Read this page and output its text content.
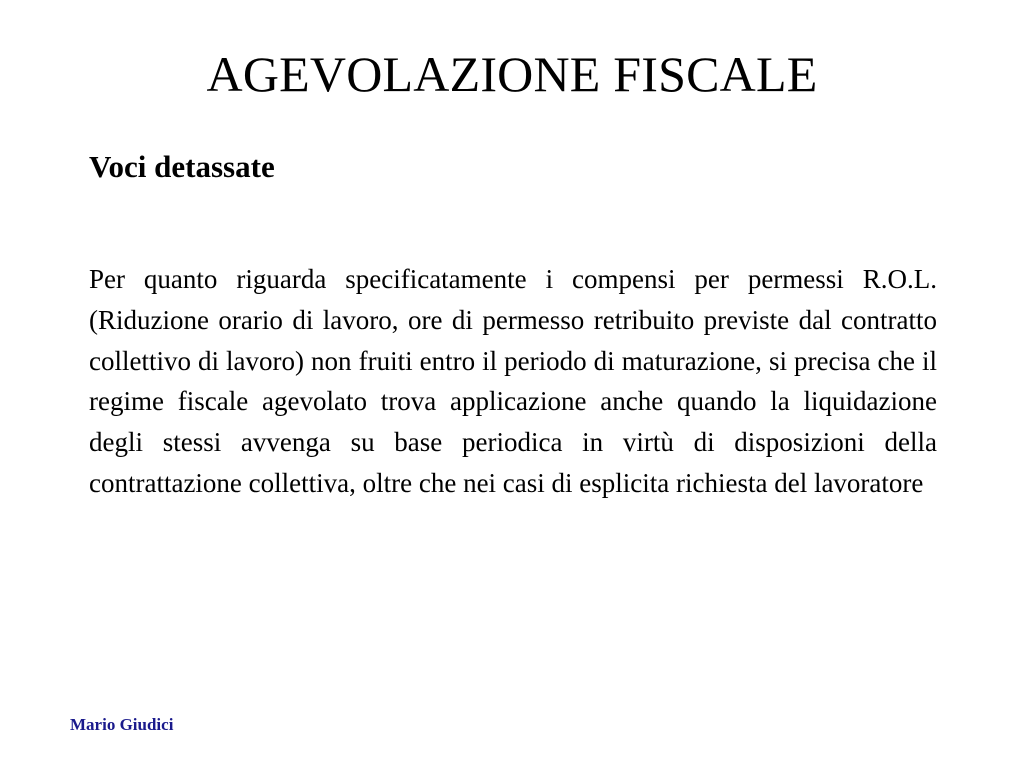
AGEVOLAZIONE FISCALE
Voci detassate

Per quanto riguarda specificatamente i compensi per permessi R.O.L. (Riduzione orario di lavoro, ore di permesso retribuito previste dal contratto collettivo di lavoro) non fruiti entro il periodo di maturazione, si precisa che il regime fiscale agevolato trova applicazione anche quando la liquidazione degli stessi avvenga su base periodica in virtù di disposizioni della contrattazione collettiva, oltre che nei casi di esplicita richiesta del lavoratore

Mario Giudici
